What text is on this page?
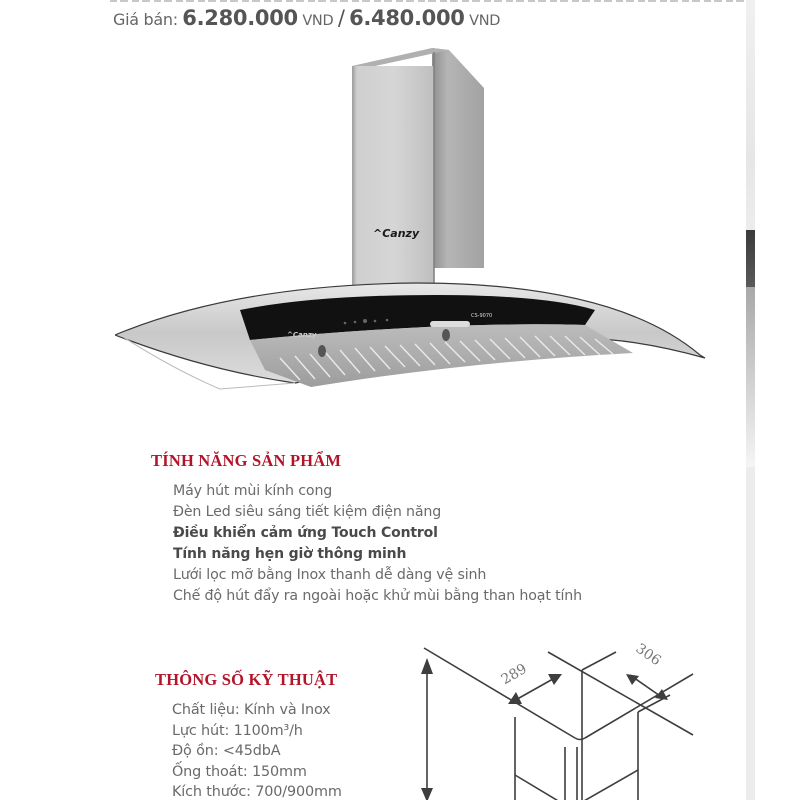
Giá bán: 6.280.000 VND / 6.480.000 VND
CS-9070
^Canzy
^Canzy
TÍNH NĂNG SẢN PHẨM
Máy hút mùi kính cong
Đèn Led siêu sáng tiết kiệm điện năng
Điều khiển cảm ứng Touch Control
Tính năng hẹn giờ thông minh
Lưới lọc mỡ bằng Inox thanh dễ dàng vệ sinh
Chế độ hút đẩy ra ngoài hoặc khử mùi bằng than hoạt tính
THÔNG SỐ KỸ THUẬT
Chất liệu: Kính và Inox
Lực hút: 1100m³/h
Độ ồn: <45dbA
Ống thoát: 150mm
Kích thước: 700/900mm
289
306
